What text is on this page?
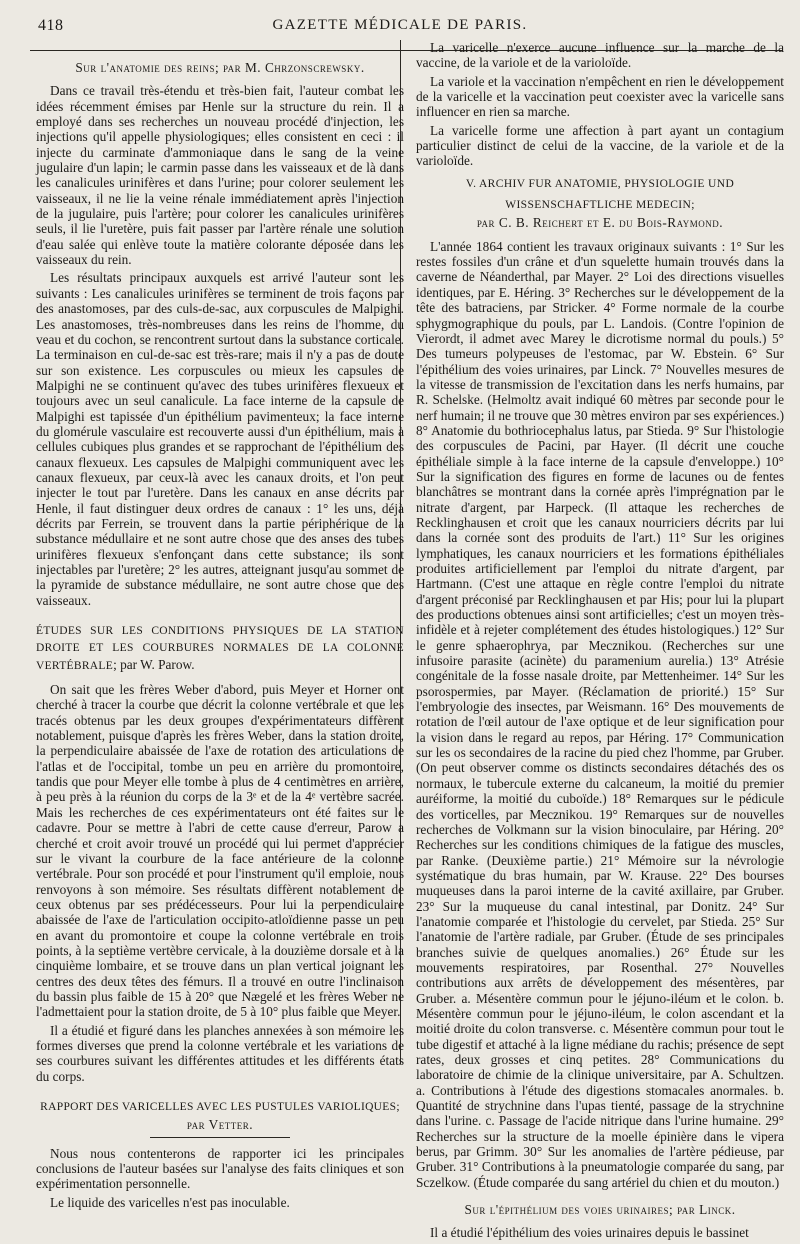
418	GAZETTE MÉDICALE DE PARIS.

Sur l'anatomie des reins; par M. Chrzonscrewsky.

Dans ce travail très-étendu et très-bien fait, l'auteur combat les idées récemment émises par Henle sur la structure du rein. Il a employé dans ses recherches un nouveau procédé d'injection, les injections qu'il appelle physiologiques; elles consistent en ceci : il injecte du carminate d'ammoniaque dans le sang de la veine jugulaire d'un lapin; le carmin passe dans les vaisseaux et de là dans les canalicules urinifères et dans l'urine; pour colorer seulement les vaisseaux, il ne lie la veine rénale immédiatement après l'injection de la jugulaire, puis l'artère; pour colorer les canalicules urinifères seuls, il lie l'uretère, puis fait passer par l'artère rénale une solution d'eau salée qui enlève toute la matière colorante déposée dans les vaisseaux du rein.

Les résultats principaux auxquels est arrivé l'auteur sont les suivants : Les canalicules urinifères se terminent de trois façons par des anastomoses, par des culs-de-sac, aux corpuscules de Malpighi. Les anastomoses, très-nombreuses dans les reins de l'homme, du veau et du cochon, se rencontrent surtout dans la substance corticale. La terminaison en cul-de-sac est très-rare; mais il n'y a pas de doute sur son existence. Les corpuscules ou mieux les capsules de Malpighi ne se continuent qu'avec des tubes urinifères flexueux et toujours avec un seul canalicule. La face interne de la capsule de Malpighi est tapissée d'un épithélium pavimenteux; la face interne du glomérule vasculaire est recouverte aussi d'un épithélium, mais à cellules cubiques plus grandes et se rapprochant de l'épithélium des canaux flexueux. Les capsules de Malpighi communiquent avec les canaux flexueux, par ceux-là avec les canaux droits, et l'on peut injecter le tout par l'uretère. Dans les canaux en anse décrits par Henle, il faut distinguer deux ordres de canaux : 1° les uns, déjà décrits par Ferrein, se trouvent dans la partie périphérique de la substance médullaire et ne sont autre chose que des anses des tubes urinifères flexueux s'enfonçant dans cette substance; ils sont injectables par l'uretère; 2° les autres, atteignant jusqu'au sommet de la pyramide de substance médullaire, ne sont autre chose que des vaisseaux.

ÉTUDES SUR LES CONDITIONS PHYSIQUES DE LA STATION DROITE ET LES COURBURES NORMALES DE LA COLONNE VERTÉBRALE; par W. Parow.

On sait que les frères Weber d'abord, puis Meyer et Horner ont cherché à tracer la courbe que décrit la colonne vertébrale et que les tracés obtenus par les deux groupes d'expérimentateurs diffèrent notablement, puisque d'après les frères Weber, dans la station droite, la perpendiculaire abaissée de l'axe de rotation des articulations de l'atlas et de l'occipital, tombe un peu en arrière du promontoire, tandis que pour Meyer elle tombe à plus de 4 centimètres en arrière, à peu près à la réunion du corps de la 3ᵉ et de la 4ᵉ vertèbre sacrée. Mais les recherches de ces expérimentateurs ont été faites sur le cadavre. Pour se mettre à l'abri de cette cause d'erreur, Parow a cherché et croit avoir trouvé un procédé qui lui permet d'apprécier sur le vivant la courbure de la face antérieure de la colonne vertébrale. Pour son procédé et pour l'instrument qu'il emploie, nous renvoyons à son mémoire. Ses résultats diffèrent notablement de ceux obtenus par ses prédécesseurs. Pour lui la perpendiculaire abaissée de l'axe de l'articulation occipito-atloïdienne passe un peu en avant du promontoire et coupe la colonne vertébrale en trois points, à la septième vertèbre cervicale, à la douzième dorsale et à la cinquième lombaire, et se trouve dans un plan vertical joignant les centres des deux têtes des fémurs. Il a trouvé en outre l'inclinaison du bassin plus faible de 15 à 20° que Nægelé et les frères Weber ne l'admettaient pour la station droite, de 5 à 10° plus faible que Meyer.

Il a étudié et figuré dans les planches annexées à son mémoire les formes diverses que prend la colonne vertébrale et les variations de ses courbures suivant les différentes attitudes et les différents états du corps.

RAPPORT DES VARICELLES AVEC LES PUSTULES VARIOLIQUES;

par Vetter.

Nous nous contenterons de rapporter ici les principales conclusions de l'auteur basées sur l'analyse des faits cliniques et son expérimentation personnelle.

Le liquide des varicelles n'est pas inoculable.

La varicelle n'exerce aucune influence sur la marche de la vaccine, de la variole et de la varioloïde.

La variole et la vaccination n'empêchent en rien le développement de la varicelle et la vaccination peut coexister avec la varicelle sans influencer en rien sa marche.

La varicelle forme une affection à part ayant un contagium particulier distinct de celui de la vaccine, de la variole et de la varioloïde.

V. ARCHIV FUR ANATOMIE, PHYSIOLOGIE UND
WISSENSCHAFTLICHE MEDECIN;
par C. B. Reichert et E. du Bois-Raymond.

L'année 1864 contient les travaux originaux suivants : 1° Sur les restes fossiles d'un crâne et d'un squelette humain trouvés dans la caverne de Néanderthal, par Mayer. 2° Loi des directions visuelles identiques, par E. Héring. 3° Recherches sur le développement de la tête des batraciens, par Stricker. 4° Forme normale de la courbe sphygmographique du pouls, par L. Landois. (Contre l'opinion de Vierordt, il admet avec Marey le dicrotisme normal du pouls.) 5° Des tumeurs polypeuses de l'estomac, par W. Ebstein. 6° Sur l'épithélium des voies urinaires, par Linck. 7° Nouvelles mesures de la vitesse de transmission de l'excitation dans les nerfs humains, par R. Schelske. (Helmoltz avait indiqué 60 mètres par seconde pour le nerf humain; il ne trouve que 30 mètres environ par ses expériences.) 8° Anatomie du bothriocephalus latus, par Stieda. 9° Sur l'histologie des corpuscules de Pacini, par Hayer. (Il décrit une couche épithéliale simple à la face interne de la capsule d'enveloppe.) 10° Sur la signification des figures en forme de lacunes ou de fentes blanchâtres se montrant dans la cornée après l'imprégnation par le nitrate d'argent, par Harpeck. (Il attaque les recherches de Recklinghausen et croit que les canaux nourriciers décrits par lui dans la cornée sont des produits de l'art.) 11° Sur les origines lymphatiques, les canaux nourriciers et les formations épithéliales produites artificiellement par l'emploi du nitrate d'argent, par Hartmann. (C'est une attaque en règle contre l'emploi du nitrate d'argent préconisé par Recklinghausen et par His; pour lui la plupart des productions obtenues ainsi sont artificielles; c'est un moyen très-infidèle et à rejeter complétement des études histologiques.) 12° Sur le genre sphaerophrya, par Mecznikou. (Recherches sur une infusoire parasite (acinète) du paramenium aurelia.) 13° Atrésie congénitale de la fosse nasale droite, par Mettenheimer. 14° Sur les psorospermies, par Mayer. (Réclamation de priorité.) 15° Sur l'embryologie des insectes, par Weismann. 16° Des mouvements de rotation de l'œil autour de l'axe optique et de leur signification pour la vision dans le regard au repos, par Héring. 17° Communication sur les os secondaires de la racine du pied chez l'homme, par Gruber. (On peut observer comme os distincts secondaires détachés des os normaux, le tubercule externe du calcaneum, la moitié du premier auréiforme, la moitié du cuboïde.) 18° Remarques sur le pédicule des vorticelles, par Mecznikou. 19° Remarques sur de nouvelles recherches de Volkmann sur la vision binoculaire, par Héring. 20° Recherches sur les conditions chimiques de la fatigue des muscles, par Ranke. (Deuxième partie.) 21° Mémoire sur la névrologie systématique du bras humain, par W. Krause. 22° Des bourses muqueuses dans la paroi interne de la cavité axillaire, par Gruber. 23° Sur la muqueuse du canal intestinal, par Donitz. 24° Sur l'anatomie comparée et l'histologie du cervelet, par Stieda. 25° Sur l'anatomie de l'artère radiale, par Gruber. (Étude de ses principales branches suivie de quelques anomalies.) 26° Étude sur les mouvements respiratoires, par Rosenthal. 27° Nouvelles contributions aux arrêts de développement des mésentères, par Gruber. a. Mésentère commun pour le jéjuno-iléum et le colon. b. Mésentère commun pour le jéjuno-iléum, le colon ascendant et la moitié droite du colon transverse. c. Mésentère commun pour tout le tube digestif et attaché à la ligne médiane du rachis; présence de sept rates, deux grosses et cinq petites. 28° Communications du laboratoire de chimie de la clinique universitaire, par A. Schultzen. a. Contributions à l'étude des digestions stomacales anormales. b. Quantité de strychnine dans l'upas tienté, passage de la strychnine dans l'urine. c. Passage de l'acide nitrique dans l'urine humaine. 29° Recherches sur la structure de la moelle épinière dans le vipera berus, par Grimm. 30° Sur les anomalies de l'artère pédieuse, par Gruber. 31° Contributions à la pneumatologie comparée du sang, par Sczelkow. (Étude comparée du sang artériel du chien et du mouton.)

Sur l'épithélium des voies urinaires; par Linck.

Il a étudié l'épithélium des voies urinaires depuis le bassinet
